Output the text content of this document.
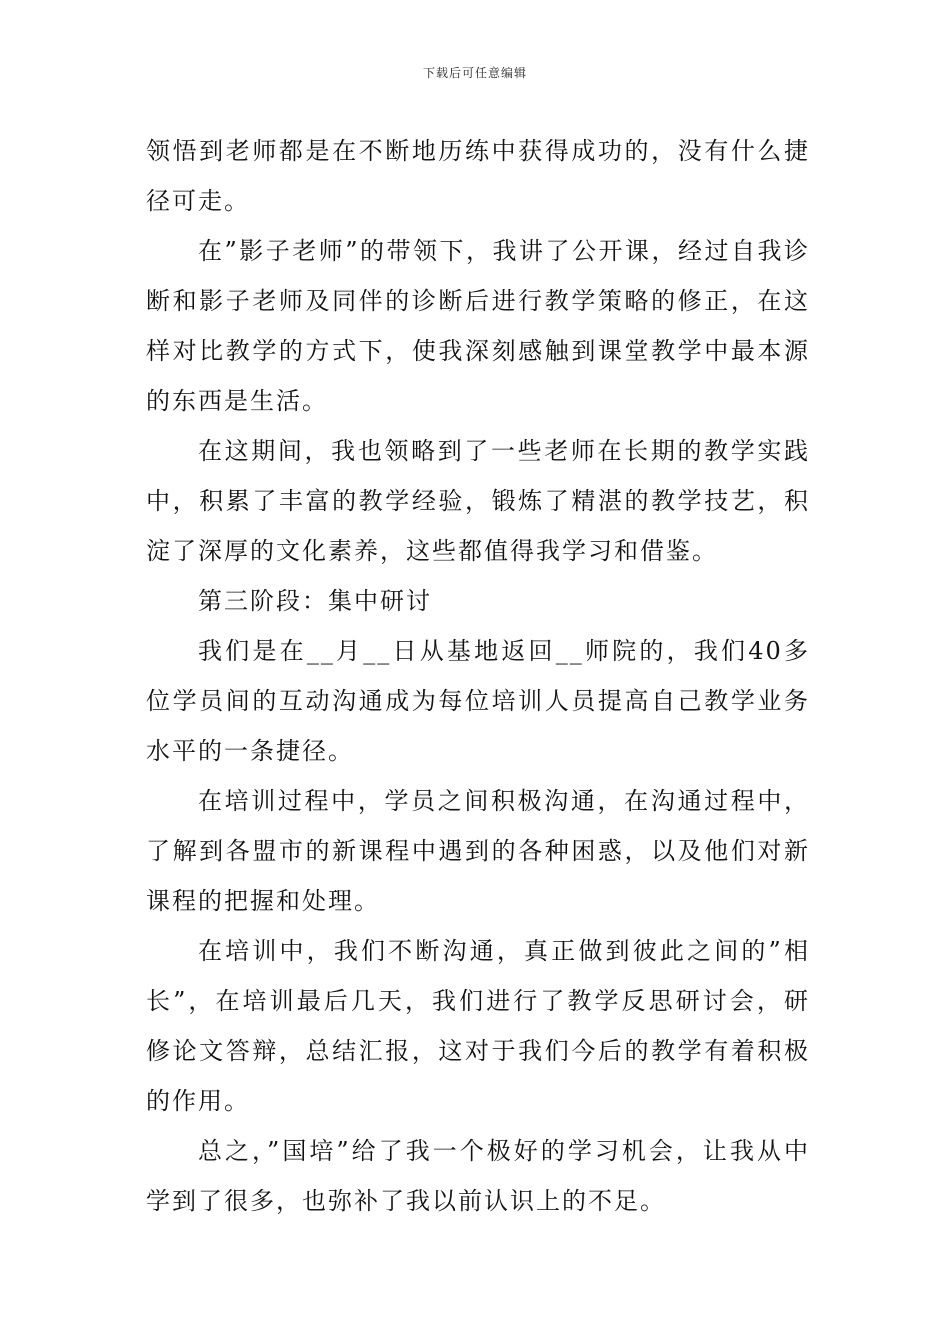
下载后可任意编辑

领悟到老师都是在不断地历练中获得成功的，没有什么捷径可走。

在”影子老师”的带领下，我讲了公开课，经过自我诊断和影子老师及同伴的诊断后进行教学策略的修正，在这样对比教学的方式下，使我深刻感触到课堂教学中最本源的东西是生活。

在这期间，我也领略到了一些老师在长期的教学实践中，积累了丰富的教学经验，锻炼了精湛的教学技艺，积淀了深厚的文化素养，这些都值得我学习和借鉴。

第三阶段：集中研讨

我们是在__月__日从基地返回__师院的，我们40多位学员间的互动沟通成为每位培训人员提高自己教学业务水平的一条捷径。

在培训过程中，学员之间积极沟通，在沟通过程中，了解到各盟市的新课程中遇到的各种困惑，以及他们对新课程的把握和处理。

在培训中，我们不断沟通，真正做到彼此之间的”相长”，在培训最后几天，我们进行了教学反思研讨会，研修论文答辩，总结汇报，这对于我们今后的教学有着积极的作用。

总之，”国培”给了我一个极好的学习机会，让我从中学到了很多，也弥补了我以前认识上的不足。
